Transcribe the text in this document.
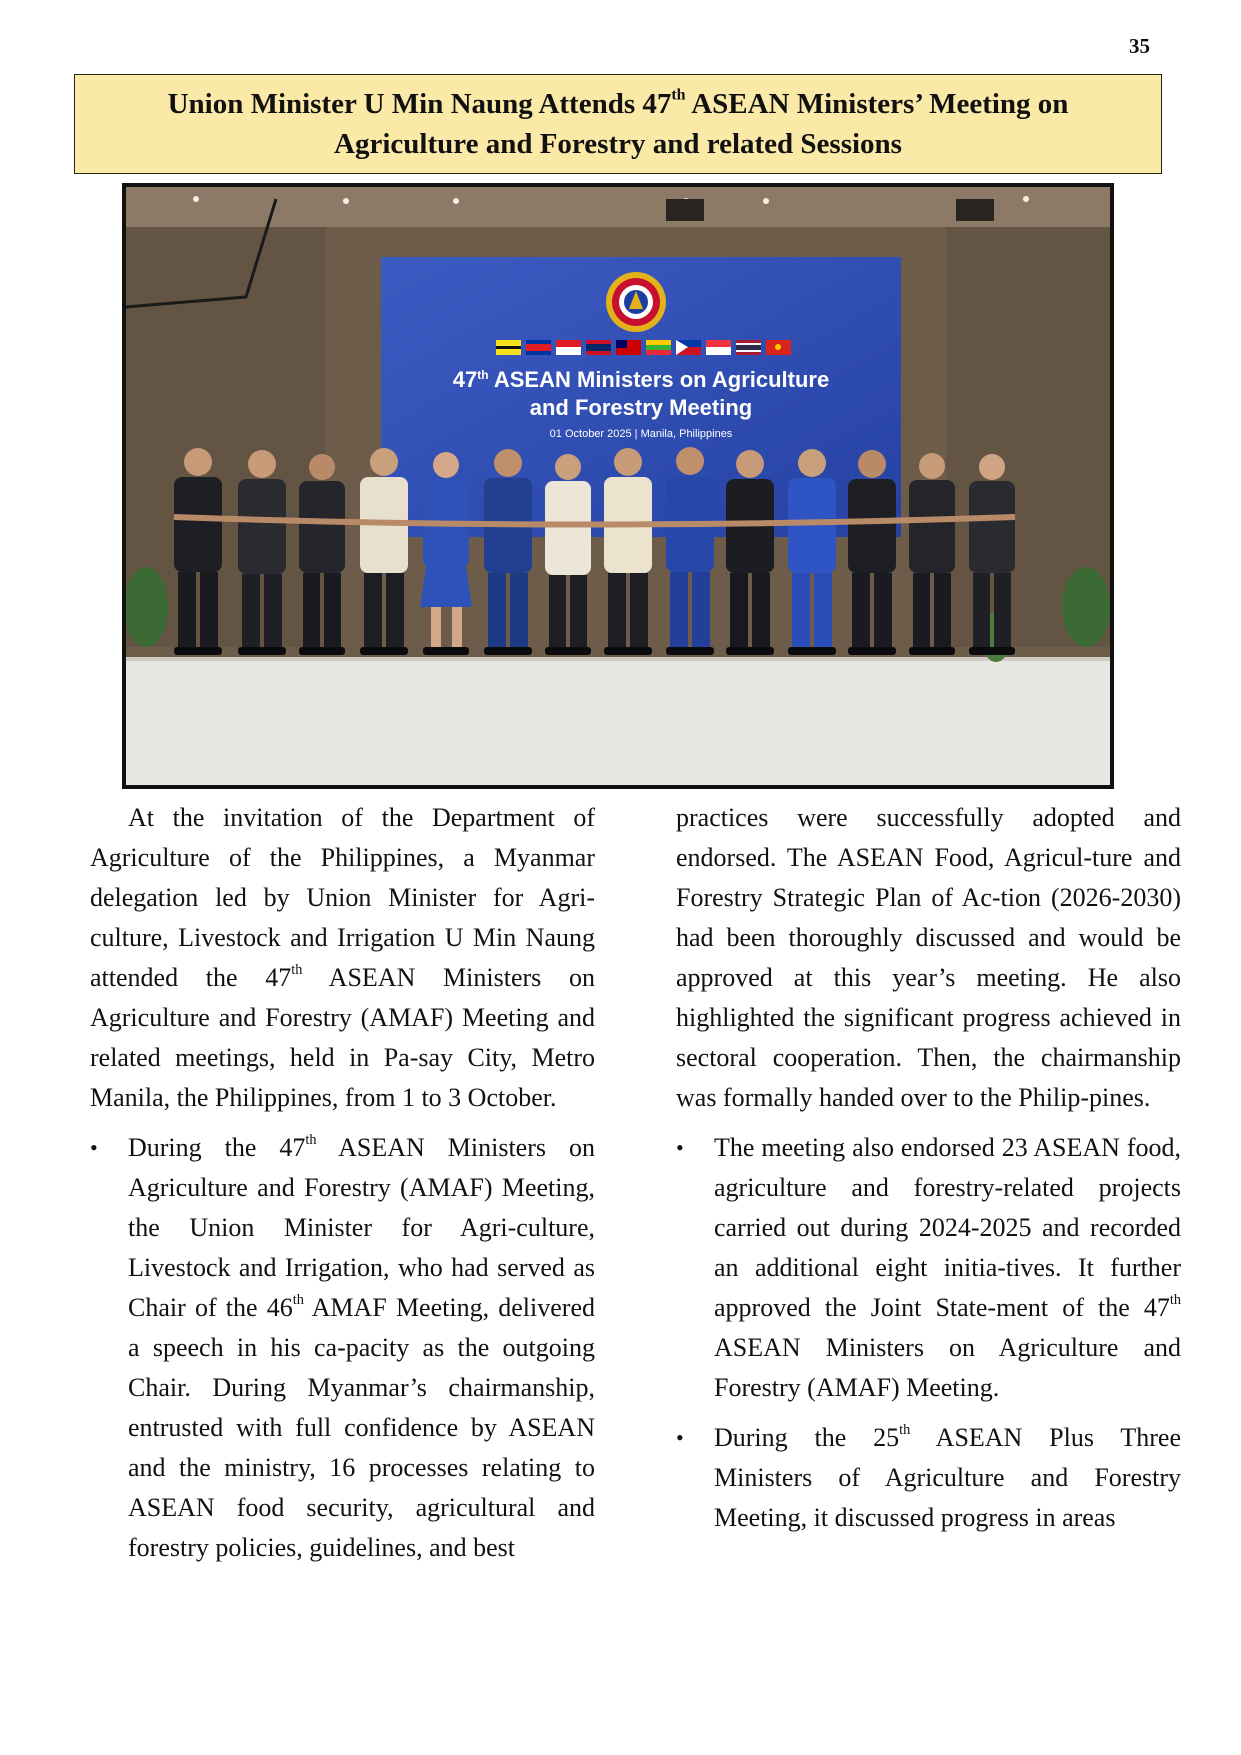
35
Union Minister U Min Naung Attends 47th ASEAN Ministers’ Meeting on
Agriculture and Forestry and related Sessions
47th ASEAN Ministers on Agriculture
and Forestry Meeting
01 October 2025 | Manila, Philippines

At the invitation of the Department of Agriculture of the Philippines, a Myanmar delegation led by Union Minister for Agri-culture, Livestock and Irrigation U Min Naung attended the 47th ASEAN Ministers on Agriculture and Forestry (AMAF) Meeting and related meetings, held in Pa-say City, Metro Manila, the Philippines, from 1 to 3 October.

• During the 47th ASEAN Ministers on Agriculture and Forestry (AMAF) Meeting, the Union Minister for Agri-culture, Livestock and Irrigation, who had served as Chair of the 46th AMAF Meeting, delivered a speech in his ca-pacity as the outgoing Chair. During Myanmar’s chairmanship, entrusted with full confidence by ASEAN and the ministry, 16 processes relating to ASEAN food security, agricultural and forestry policies, guidelines, and best

practices were successfully adopted and endorsed. The ASEAN Food, Agricul-ture and Forestry Strategic Plan of Ac-tion (2026-2030) had been thoroughly discussed and would be approved at this year’s meeting. He also highlighted the significant progress achieved in sectoral cooperation. Then, the chairmanship was formally handed over to the Philip-pines.

• The meeting also endorsed 23 ASEAN food, agriculture and forestry-related projects carried out during 2024-2025 and recorded an additional eight initia-tives. It further approved the Joint State-ment of the 47th ASEAN Ministers on Agriculture and Forestry (AMAF) Meeting.

• During the 25th ASEAN Plus Three Ministers of Agriculture and Forestry Meeting, it discussed progress in areas
